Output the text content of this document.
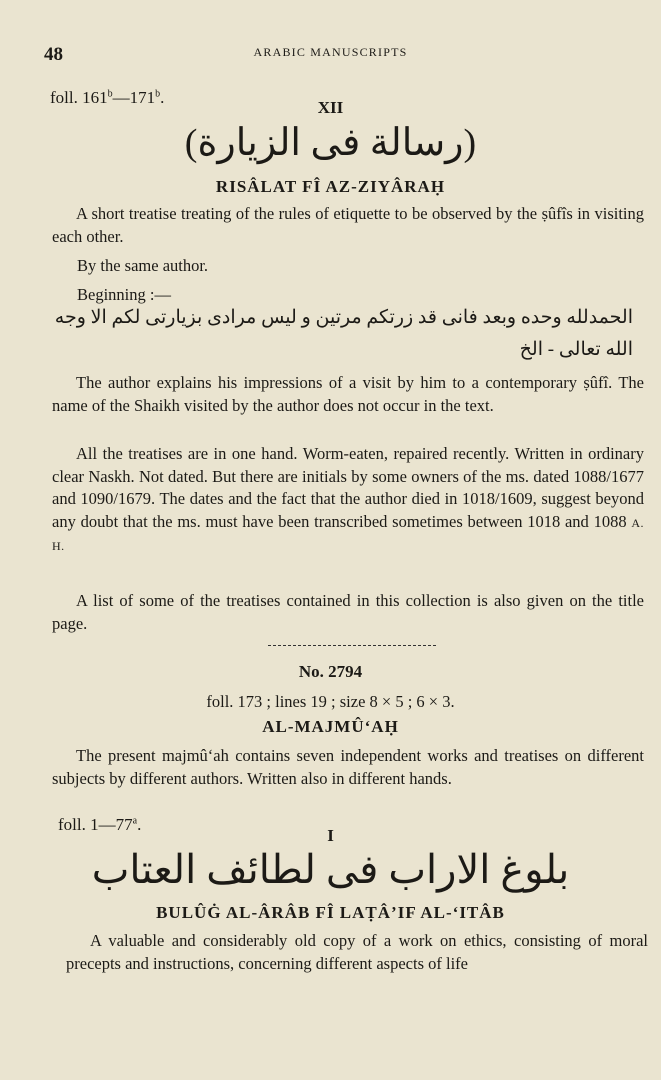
48	ARABIC MANUSCRIPTS
foll. 161$^b$—171$^b$.
XII
(رسالة فى الزيارة)
RISÂLAT FÎ AZ-ZIYÂRAḤ
A short treatise treating of the rules of etiquette to be observed by the ṣûfîs in visiting each other.
By the same author.
Beginning :—
الحمدلله وحده وبعد فانى قد زرتكم مرتين و ليس مرادى بزيارتى لكم الا وجه
الله تعالى - الخ
The author explains his impressions of a visit by him to a contemporary ṣûfî. The name of the Shaikh visited by the author does not occur in the text.
All the treatises are in one hand. Worm-eaten, repaired recently. Written in ordinary clear Naskh. Not dated. But there are initials by some owners of the ms. dated 1088/1677 and 1090/1679. The dates and the fact that the author died in 1018/1609, suggest beyond any doubt that the ms. must have been transcribed sometimes between 1018 and 1088 A. H.
A list of some of the treatises contained in this collection is also given on the title page.
No. 2794
foll. 173 ; lines 19 ; size 8 × 5 ; 6 × 3.
AL-MAJMÛ‘AḤ
The present majmû‘ah contains seven independent works and treatises on different subjects by different authors. Written also in different hands.
foll. 1—77$^a$.
I
بلوغ الاراب فى لطائف العتاب
BULÛĠ AL-ÂRÂB FÎ LAṬÂ’IF AL-‘ITÂB
A valuable and considerably old copy of a work on ethics, consisting of moral precepts and instructions, concerning different aspects of life
